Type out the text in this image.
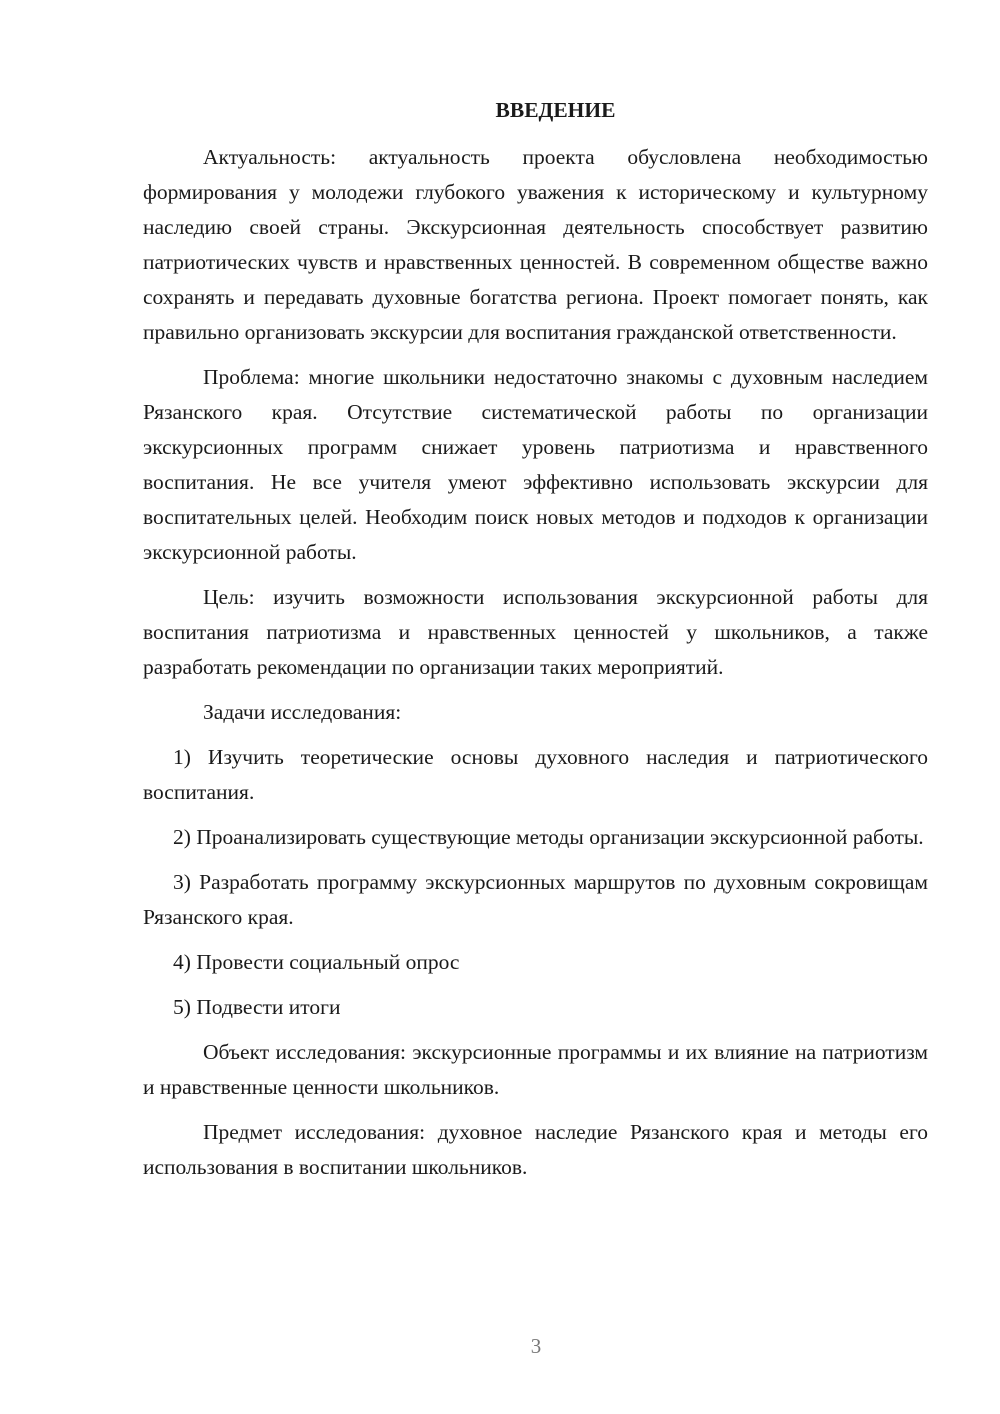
ВВЕДЕНИЕ

Актуальность: актуальность проекта обусловлена необходимостью формирования у молодежи глубокого уважения к историческому и культурному наследию своей страны. Экскурсионная деятельность способствует развитию патриотических чувств и нравственных ценностей. В современном обществе важно сохранять и передавать духовные богатства региона. Проект помогает понять, как правильно организовать экскурсии для воспитания гражданской ответственности.

Проблема: многие школьники недостаточно знакомы с духовным наследием Рязанского края. Отсутствие систематической работы по организации экскурсионных программ снижает уровень патриотизма и нравственного воспитания. Не все учителя умеют эффективно использовать экскурсии для воспитательных целей. Необходим поиск новых методов и подходов к организации экскурсионной работы.

Цель: изучить возможности использования экскурсионной работы для воспитания патриотизма и нравственных ценностей у школьников, а также разработать рекомендации по организации таких мероприятий.

Задачи исследования:

1) Изучить теоретические основы духовного наследия и патриотического воспитания.

2) Проанализировать существующие методы организации экскурсионной работы.

3) Разработать программу экскурсионных маршрутов по духовным сокровищам Рязанского края.

4) Провести социальный опрос

5) Подвести итоги

Объект исследования: экскурсионные программы и их влияние на патриотизм и нравственные ценности школьников.

Предмет исследования: духовное наследие Рязанского края и методы его использования в воспитании школьников.

3
